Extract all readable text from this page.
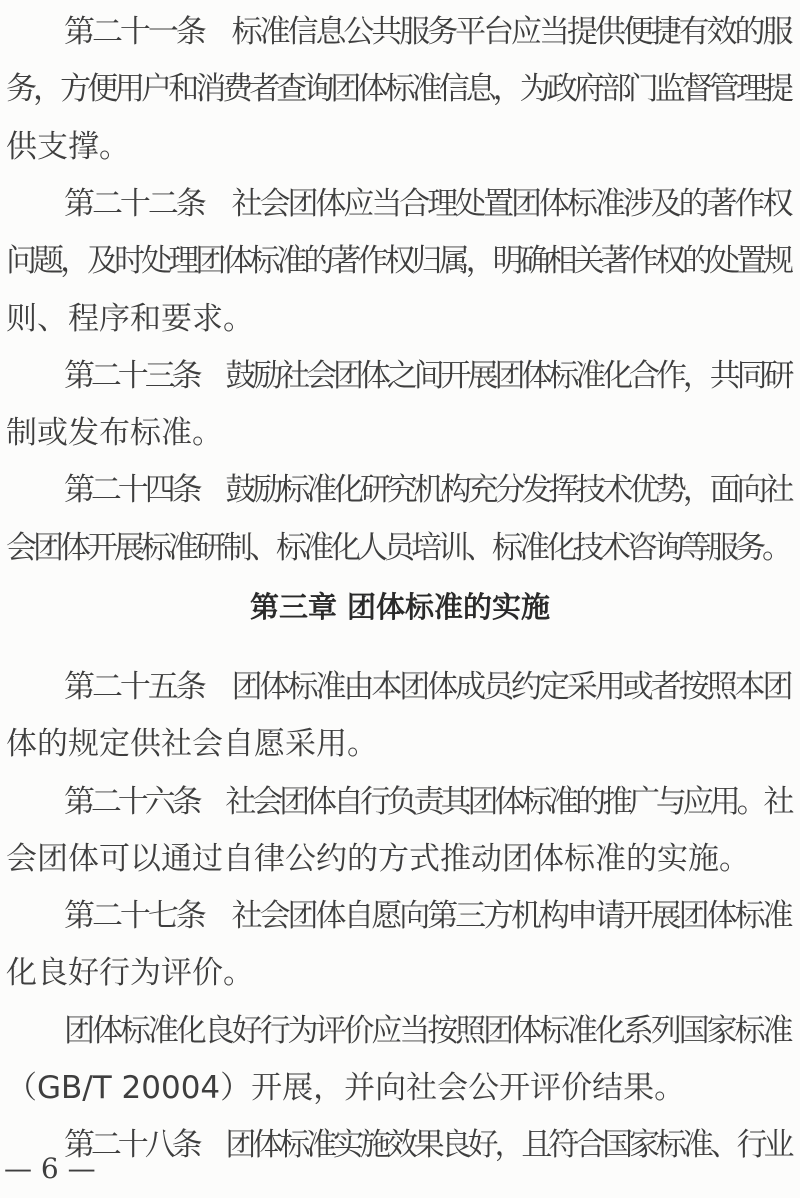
第三章 团体标准的实施
— 6 —
第二十一条　标准信息公共服务平台应当提供便捷有效的服
务，方便用户和消费者查询团体标准信息，为政府部门监督管理提
供支撑。
第二十二条　社会团体应当合理处置团体标准涉及的著作权
问题，及时处理团体标准的著作权归属，明确相关著作权的处置规
则、程序和要求。
第二十三条　鼓励社会团体之间开展团体标准化合作，共同研
制或发布标准。
第二十四条　鼓励标准化研究机构充分发挥技术优势，面向社
会团体开展标准研制、标准化人员培训、标准化技术咨询等服务。
第二十五条　团体标准由本团体成员约定采用或者按照本团
体的规定供社会自愿采用。
第二十六条　社会团体自行负责其团体标准的推广与应用。社
会团体可以通过自律公约的方式推动团体标准的实施。
第二十七条　社会团体自愿向第三方机构申请开展团体标准
化良好行为评价。
团体标准化良好行为评价应当按照团体标准化系列国家标准
（GB/T 20004）开展，并向社会公开评价结果。
第二十八条　团体标准实施效果良好，且符合国家标准、行业
